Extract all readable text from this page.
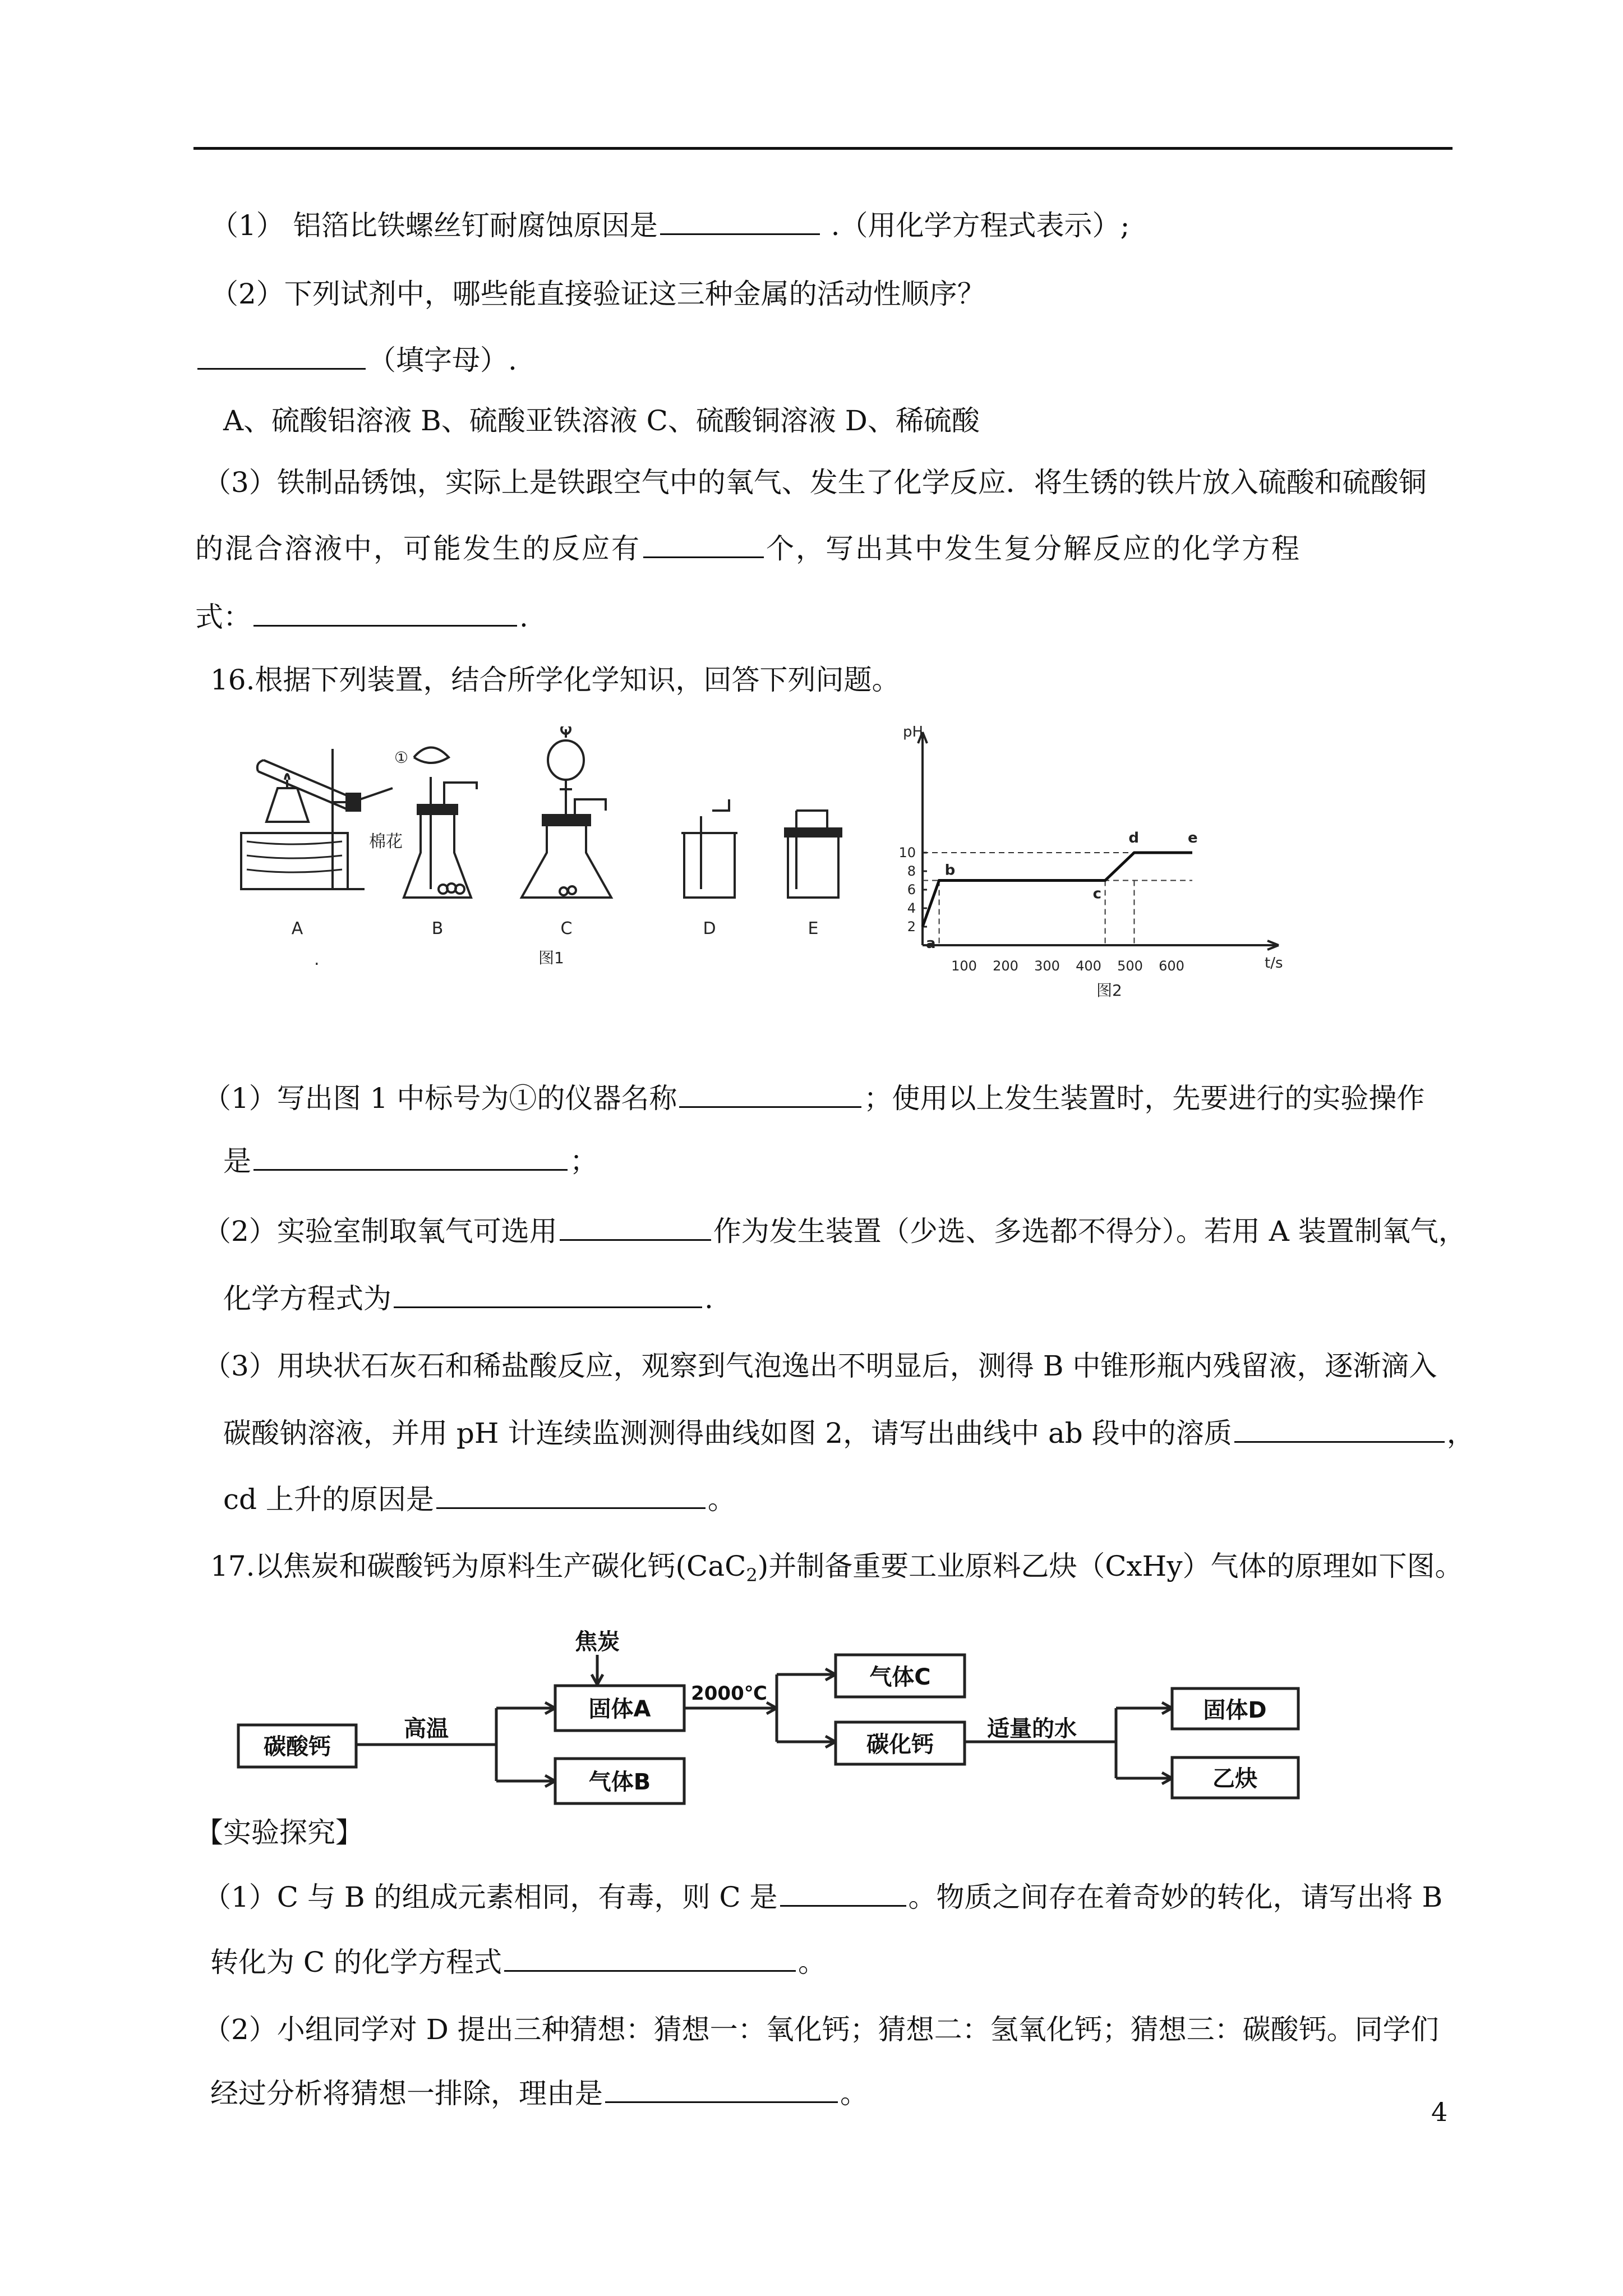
（1） 铝箔比铁螺丝钉耐腐蚀原因是	.（用化学方程式表示）;
（2）下列试剂中，哪些能直接验证这三种金属的活动性顺序？
（填字母）.
A、硫酸铝溶液 B、硫酸亚铁溶液 C、硫酸铜溶液 D、稀硫酸
（3）铁制品锈蚀，实际上是铁跟空气中的氧气、发生了化学反应．将生锈的铁片放入硫酸和硫酸铜
的混合溶液中，可能发生的反应有	个，写出其中发生复分解反应的化学方程
式：	.
16.根据下列装置，结合所学化学知识，回答下列问题。
棉花
①
A	B	C	D	E
.	图1	100 200 300 400 500 600
2
4
6
8
10
a
b
c
d	e
pH
t/s
图2
（1）写出图 1 中标号为①的仪器名称	；使用以上发生装置时，先要进行的实验操作
是	；
（2）实验室制取氧气可选用	作为发生装置（少选、多选都不得分）。若用 A 装置制氧气，
化学方程式为	.
（3）用块状石灰石和稀盐酸反应，观察到气泡逸出不明显后，测得 B 中锥形瓶内残留液，逐渐滴入
碳酸钠溶液，并用 pH 计连续监测测得曲线如图 2，请写出曲线中 ab 段中的溶质	，
cd 上升的原因是	。
17.以焦炭和碳酸钙为原料生产碳化钙(CaC$_2$)并制备重要工业原料乙炔（CxHy）气体的原理如下图。
碳酸钙
高温
焦炭
固体A
气体B
2000℃
气体C
碳化钙
适量的水
固体D
乙炔
【实验探究】
（1）C 与 B 的组成元素相同，有毒，则 C 是	。物质之间存在着奇妙的转化，请写出将 B
转化为 C 的化学方程式	。
（2）小组同学对 D 提出三种猜想：猜想一：氧化钙；猜想二：氢氧化钙；猜想三：碳酸钙。同学们
经过分析将猜想一排除，理由是	。
4
